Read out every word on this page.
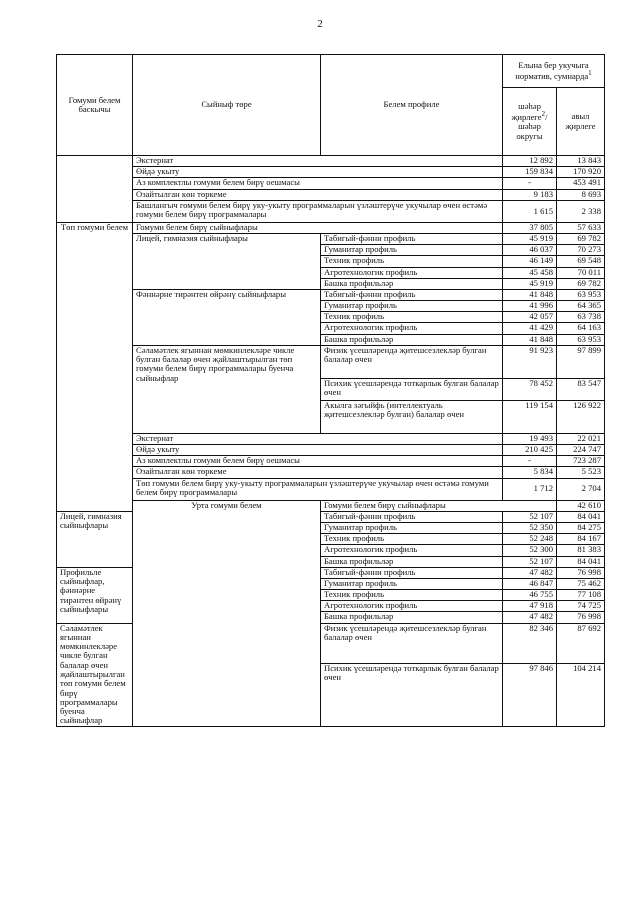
2
Гомуми белем баскычы	Сыйныф төре	Белем профиле	Елына бер укучыга норматив, сумнарда$^1$
			шәһәр җирлеге$^2$/ шәһәр округы	авыл җирлеге	
	Экстернат		12 892	13 843	
	Өйдә укыту		159 834	170 920	
	Аз комплектлы гомуми белем бирү оешмасы		-	453 491	
	Озайтылган көн төркеме		9 183	8 693	
	Башлангыч гомуми белем бирү уку-укыту программаларын үзләштерүче укучылар өчен өстәмә гомуми белем бирү программалары		1 615	2 338	
Төп гомуми белем	Гомуми белем бирү сыйныфлары		37 805	57 633	
	Лицей, гимназия сыйныфлары	Табигый-фәнни профиль	45 919	69 782	
		Гуманитар профиль	46 037	70 273	
		Техник профиль	46 149	69 548	
		Агротехнологик профиль	45 458	70 011	
		Башка профильләр	45 919	69 782	
	Фәннәрне тирәнтен өйрәнү сыйныфлары	Табигый-фәнни профиль	41 848	63 953	
		Гуманитар профиль	41 996	64 365	
		Техник профиль	42 057	63 738	
		Агротехнологик профиль	41 429	64 163	
		Башка профильләр	41 848	63 953	
	Сәламәтлек ягыннан мөмкинлекләре чикле булган балалар өчен җайлаштырылган төп гомуми белем бирү программалары буенча сыйныфлар	Физик үсешләрендә җитешсезлекләр булган балалар өчен	91 923	97 899	
		Психик үсешләрендә тоткарлык булган балалар өчен	78 452	83 547	
		Акылга зәгыйфь (интеллектуаль җитешсезлекләр булган) балалар өчен	119 154	126 922	
	Экстернат		19 493	22 021	
	Өйдә укыту		210 425	224 747	
	Аз комплектлы гомуми белем бирү оешмасы		-	723 287	
	Озайтылган көн төркеме		5 834	5 523	
	Төп гомуми белем бирү уку-укыту программаларын үзләштерүче укучылар өчен өстәмә гомуми белем бирү программалары		1 712	2 704	
	Урта гомуми белем	Гомуми белем бирү сыйныфлары		42 610	
Лицей, гимназия сыйныфлары		Табигый-фәнни профиль	52 107	84 041	
		Гуманитар профиль	52 350	84 275	
		Техник профиль	52 248	84 167	
		Агротехнологик профиль	52 300	81 383	
		Башка профильләр	52 107	84 041	
Профильле сыйныфлар, фәннәрне тирәнтен өйрәнү сыйныфлары		Табигый-фәнни профиль	47 482	76 998	
		Гуманитар профиль	46 847	75 462	
		Техник профиль	46 755	77 108	
		Агротехнологик профиль	47 918	74 725	
		Башка профильләр	47 482	76 998	
Сәламәтлек ягыннан мөмкинлекләре чикле булган балалар өчен җайлаштырылган төп гомуми белем бирү программалары буенча сыйныфлар		Физик үсешләрендә җитешсезлекләр булган балалар өчен	82 346	87 692	
		Психик үсешләрендә тоткарлык булган балалар өчен	97 846	104 214	
